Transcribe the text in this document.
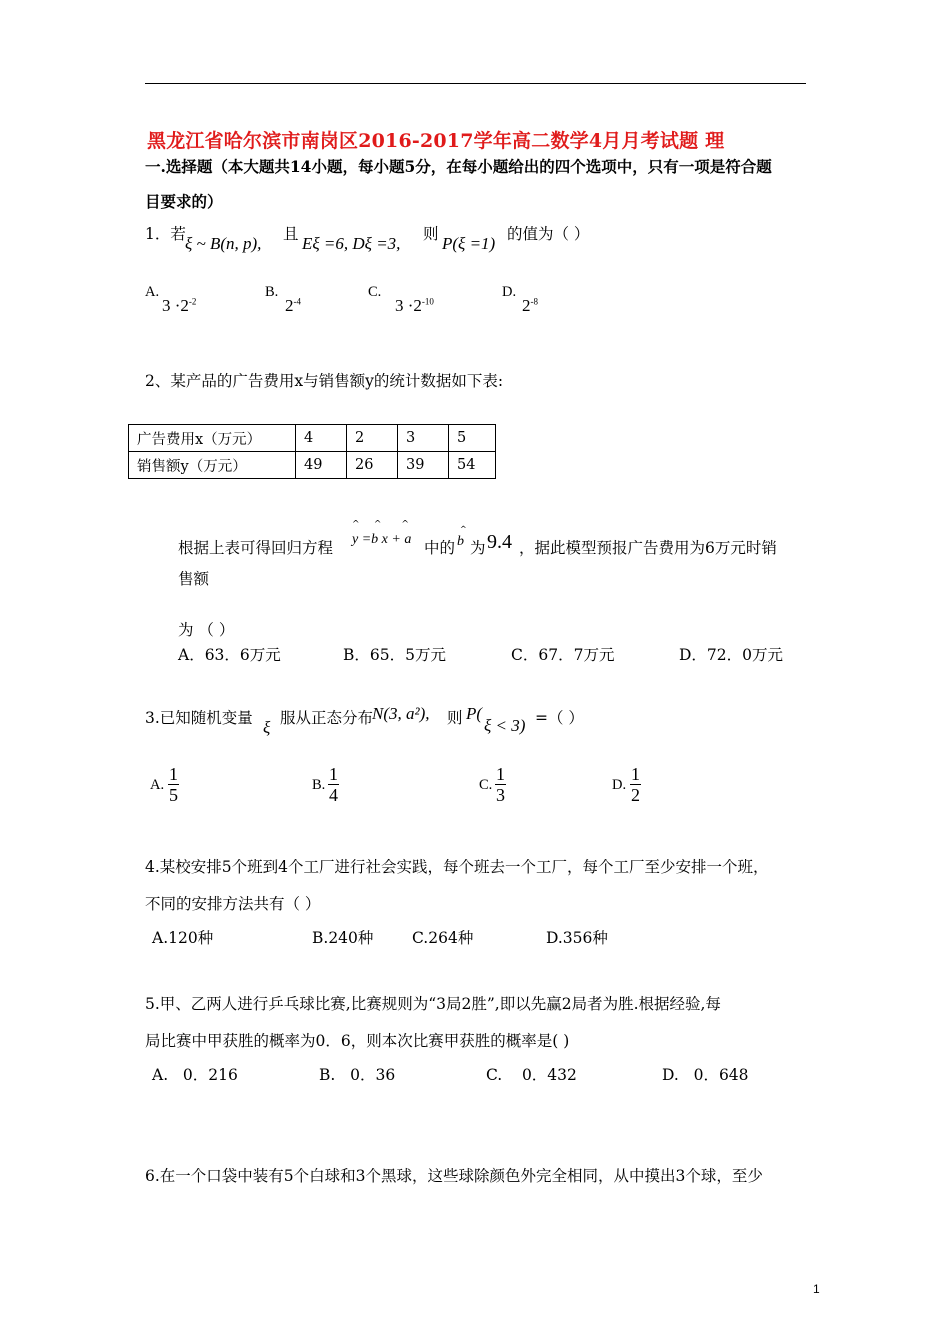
黑龙江省哈尔滨市南岗区2016-2017学年高二数学4月月考试题 理
一.选择题（本大题共14小题，每小题5分，在每小题给出的四个选项中，只有一项是符合题
目要求的）
1．若 ξ ~ B(n, p), 且 Eξ =6, Dξ =3, 则 P(ξ =1) 的值为（ ）
A.
$3 \cdot 2^{-2}$
B.
$2^{-4}$
C.
$3 \cdot 2^{-10}$
D.
$2^{-8}$
2、某产品的广告费用x与销售额y的统计数据如下表:
广告费用x（万元）	4	2	3	5
销售额y（万元）	49	26	39	54
根据上表可得回归方程
^     ^       ^
y =b x + a 中的
^
b 为 9.4 ，据此模型预报广告费用为6万元时销
售额
为 （ ）
A．63．6万元	B．65．5万元	C．67．7万元	D．72．0万元
3.已知随机变量 ξ 服从正态分布
N(3, a²), 则 P(
ξ < 3) =（ ）
A. $\frac{1}{5}$	B. $\frac{1}{4}$	C. $\frac{1}{3}$	D. $\frac{1}{2}$
4.某校安排5个班到4个工厂进行社会实践，每个班去一个工厂，每个工厂至少安排一个班，
不同的安排方法共有（ ）
A.120种	B.240种 C.264种	D.356种
5.甲、乙两人进行乒乓球比赛,比赛规则为“3局2胜”,即以先赢2局者为胜.根据经验,每
局比赛中甲获胜的概率为0．6，则本次比赛甲获胜的概率是( )
A.   0．216	B.   0．36	C.    0．432	D.   0．648
6.在一个口袋中装有5个白球和3个黑球，这些球除颜色外完全相同，从中摸出3个球，至少
1
